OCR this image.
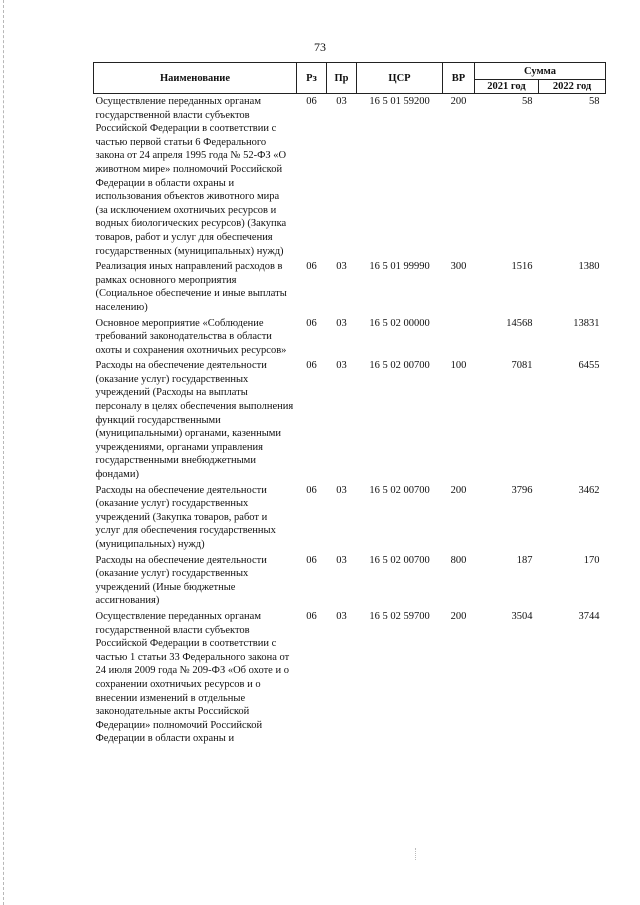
73
Наименование	Рз	Пр	ЦСР	ВР	Сумма	
					2021 год	2022 год
Осуществление переданных органам государственной власти субъектов Российской Федерации в соответствии с частью первой статьи 6 Федерального закона от 24 апреля 1995 года № 52-ФЗ «О животном мире» полномочий Российской Федерации в области охраны и использования объектов животного мира (за исключением охотничьих ресурсов и водных биологических ресурсов) (Закупка товаров, работ и услуг для обеспечения государственных (муниципальных) нужд)	06	03	16 5 01 59200	200	58	58
Реализация иных направлений расходов в рамках основного мероприятия (Социальное обеспечение и иные выплаты населению)	06	03	16 5 01 99990	300	1516	1380
Основное мероприятие «Соблюдение требований законодательства в области охоты и сохранения охотничьих ресурсов»	06	03	16 5 02 00000		14568	13831
Расходы на обеспечение деятельности (оказание услуг) государственных учреждений (Расходы на выплаты персоналу в целях обеспечения выполнения функций государственными (муниципальными) органами, казенными учреждениями, органами управления государственными внебюджетными фондами)	06	03	16 5 02 00700	100	7081	6455
Расходы на обеспечение деятельности (оказание услуг) государственных учреждений (Закупка товаров, работ и услуг для обеспечения государственных (муниципальных) нужд)	06	03	16 5 02 00700	200	3796	3462
Расходы на обеспечение деятельности (оказание услуг) государственных учреждений (Иные бюджетные ассигнования)	06	03	16 5 02 00700	800	187	170
Осуществление переданных органам государственной власти субъектов Российской Федерации в соответствии с частью 1 статьи 33 Федерального закона от 24 июля 2009 года № 209-ФЗ «Об охоте и о сохранении охотничьих ресурсов и о внесении изменений в отдельные законодательные акты Российской Федерации» полномочий Российской Федерации в области охраны и	06	03	16 5 02 59700	200	3504	3744
